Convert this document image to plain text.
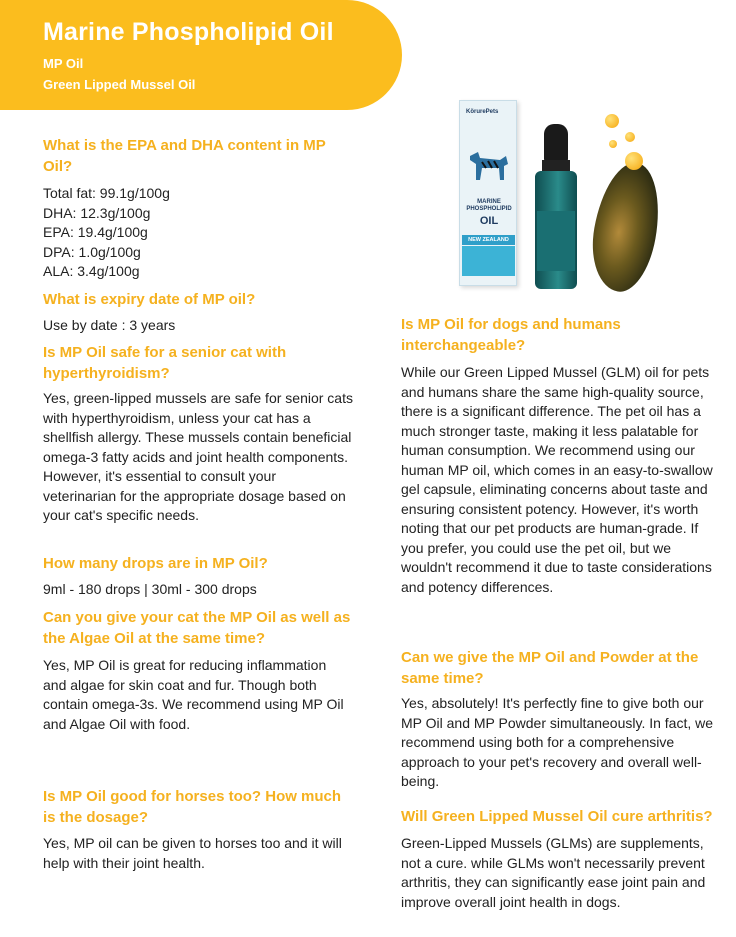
Marine Phospholipid Oil
MP Oil
Green Lipped Mussel Oil
KörurePets
MARINE PHOSPHOLIPID
OIL
NEW ZEALAND
What is the EPA and DHA content in MP Oil?
Total fat: 99.1g/100g
DHA: 12.3g/100g
EPA: 19.4g/100g
DPA: 1.0g/100g
ALA: 3.4g/100g
What is expiry date of MP oil?
Use by date : 3 years
Is MP Oil safe for a senior cat with hyperthyroidism?
Yes, green-lipped mussels are safe for senior cats with hyperthyroidism, unless your cat has a shellfish allergy. These mussels contain beneficial omega-3 fatty acids and joint health components. However, it's essential to consult your veterinarian for the appropriate dosage based on your cat's specific needs.
How many drops are in MP Oil?
9ml - 180 drops | 30ml - 300 drops
Can you give your cat the MP Oil as well as the Algae Oil at the same time?
Yes, MP Oil is great for reducing inflammation and algae for skin coat and fur. Though both contain omega-3s. We recommend using MP Oil and Algae Oil with food.
Is MP Oil good for horses too? How much is the dosage?
Yes, MP oil can be given to horses too and it will help with their joint health.
Is MP Oil for dogs and humans interchangeable?
While our Green Lipped Mussel (GLM) oil for pets and humans share the same high-quality source, there is a significant difference. The pet oil has a much stronger taste, making it less palatable for human consumption. We recommend using our human MP oil, which comes in an easy-to-swallow gel capsule, eliminating concerns about taste and ensuring consistent potency. However, it's worth noting that our pet products are human-grade. If you prefer, you could use the pet oil, but we wouldn't recommend it due to taste considerations and potency differences.
Can we give the MP Oil and Powder at the same time?
Yes, absolutely! It's perfectly fine to give both our MP Oil and MP Powder simultaneously. In fact, we recommend using both for a comprehensive approach to your pet's recovery and overall well-being.
Will Green Lipped Mussel Oil cure arthritis?
Green-Lipped Mussels (GLMs) are supplements, not a cure. while GLMs won't necessarily prevent arthritis, they can significantly ease joint pain and improve overall joint health in dogs.
